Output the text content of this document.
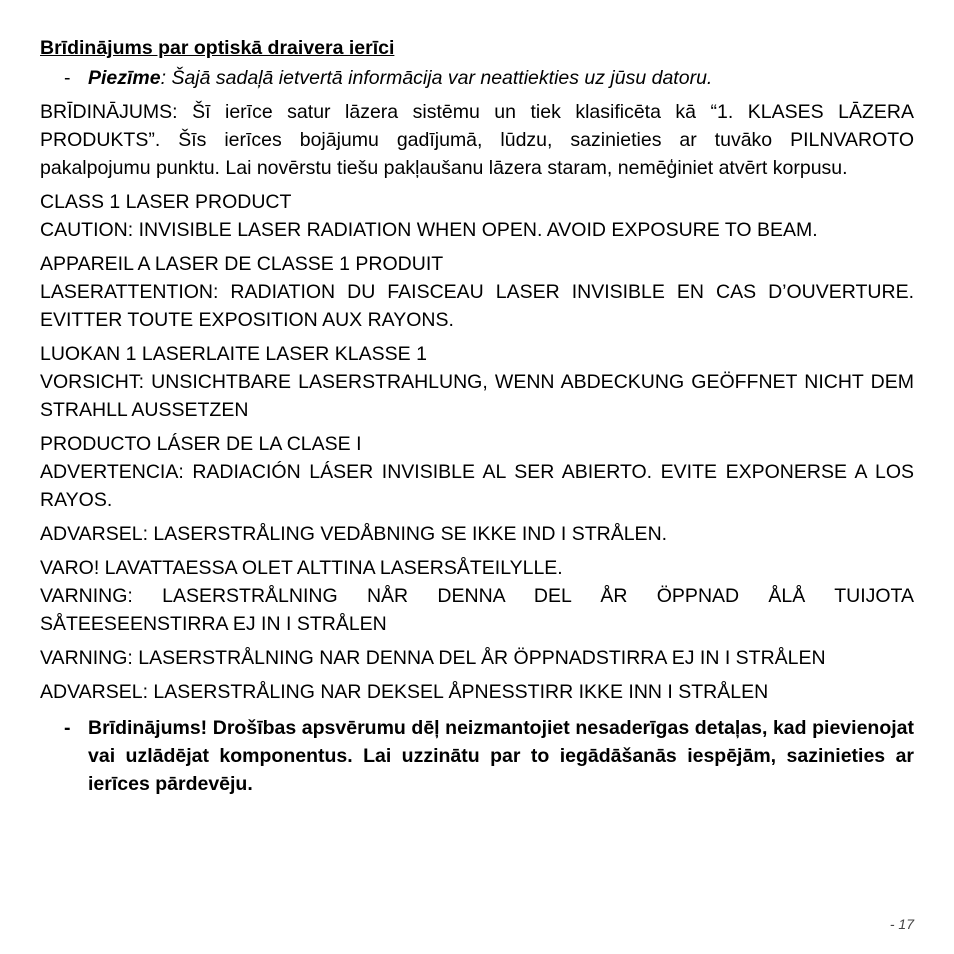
Brīdinājums par optiskā draivera ierīci
- Piezīme: Šajā sadaļā ietvertā informācija var neattiekties uz jūsu datoru.
BRĪDINĀJUMS: Šī ierīce satur lāzera sistēmu un tiek klasificēta kā “1. KLASES LĀZERA PRODUKTS”. Šīs ierīces bojājumu gadījumā, lūdzu, sazinieties ar tuvāko PILNVAROTO pakalpojumu punktu. Lai novērstu tiešu pakļaušanu lāzera staram, nemēģiniet atvērt korpusu.
CLASS 1 LASER PRODUCT
CAUTION: INVISIBLE LASER RADIATION WHEN OPEN. AVOID EXPOSURE TO BEAM.
APPAREIL A LASER DE CLASSE 1 PRODUIT
LASERATTENTION: RADIATION DU FAISCEAU LASER INVISIBLE EN CAS D’OUVERTURE. EVITTER TOUTE EXPOSITION AUX RAYONS.
LUOKAN 1 LASERLAITE LASER KLASSE 1
VORSICHT: UNSICHTBARE LASERSTRAHLUNG, WENN ABDECKUNG GEÖFFNET NICHT DEM STRAHLL AUSSETZEN
PRODUCTO LÁSER DE LA CLASE I
ADVERTENCIA: RADIACIÓN LÁSER INVISIBLE AL SER ABIERTO. EVITE EXPONERSE A LOS RAYOS.
ADVARSEL: LASERSTRÅLING VEDÅBNING SE IKKE IND I STRÅLEN.
VARO! LAVATTAESSA OLET ALTTINA LASERSÅTEILYLLE.
VARNING: LASERSTRÅLNING NÅR DENNA DEL ÅR ÖPPNAD ÅLÅ TUIJOTA SÅTEESEENSTIRRA EJ IN I STRÅLEN
VARNING: LASERSTRÅLNING NAR DENNA DEL ÅR ÖPPNADSTIRRA EJ IN I STRÅLEN
ADVARSEL: LASERSTRÅLING NAR DEKSEL ÅPNESSTIRR IKKE INN I STRÅLEN
- Brīdinājums! Drošības apsvērumu dēļ neizmantojiet nesaderīgas detaļas, kad pievienojat vai uzlādējat komponentus. Lai uzzinātu par to iegādāšanās iespējām, sazinieties ar ierīces pārdevēju.
- 17
